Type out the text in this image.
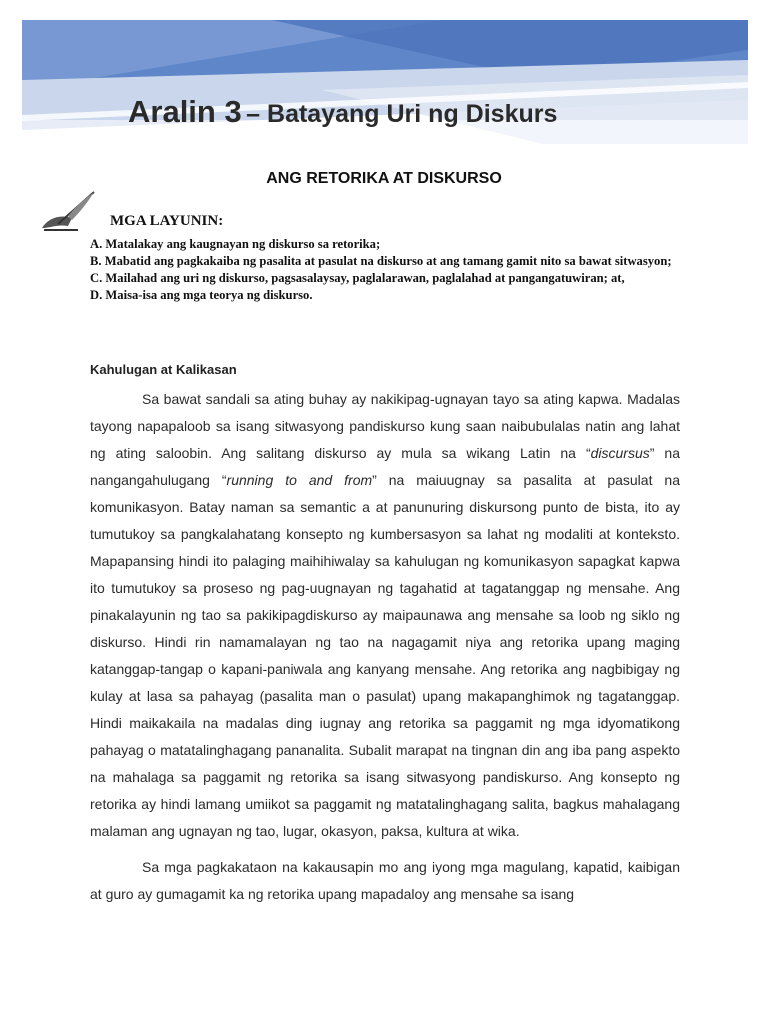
Aralin 3 – Batayang Uri ng Diskurs
ANG RETORIKA AT DISKURSO
MGA LAYUNIN:
A. Matalakay ang kaugnayan ng diskurso sa retorika;
B. Mabatid ang pagkakaiba ng pasalita at pasulat na diskurso at ang tamang gamit nito sa bawat sitwasyon;
C. Mailahad ang uri ng diskurso, pagsasalaysay, paglalarawan, paglalahad at pangangatuwiran; at,
D. Maisa-isa ang mga teorya ng diskurso.
Kahulugan at Kalikasan

Sa bawat sandali sa ating buhay ay nakikipag-ugnayan tayo sa ating kapwa. Madalas tayong napapaloob sa isang sitwasyong pandiskurso kung saan naibubulalas natin ang lahat ng ating saloobin. Ang salitang diskurso ay mula sa wikang Latin na “discursus” na nangangahulugang “running to and from” na maiuugnay sa pasalita at pasulat na komunikasyon. Batay naman sa semantic a at panunuring diskursong punto de bista, ito ay tumutukoy sa pangkalahatang konsepto ng kumbersasyon sa lahat ng modaliti at konteksto. Mapapansing hindi ito palaging maihihiwalay sa kahulugan ng komunikasyon sapagkat kapwa ito tumutukoy sa proseso ng pag-uugnayan ng tagahatid at tagatanggap ng mensahe. Ang pinakalayunin ng tao sa pakikipagdiskurso ay maipaunawa ang mensahe sa loob ng siklo ng diskurso. Hindi rin namamalayan ng tao na nagagamit niya ang retorika upang maging katanggap-tangap o kapani-paniwala ang kanyang mensahe. Ang retorika ang nagbibigay ng kulay at lasa sa pahayag (pasalita man o pasulat) upang makapanghimok ng tagatanggap. Hindi maikakaila na madalas ding iugnay ang retorika sa paggamit ng mga idyomatikong pahayag o matatalinghagang pananalita. Subalit marapat na tingnan din ang iba pang aspekto na mahalaga sa paggamit ng retorika sa isang sitwasyong pandiskurso. Ang konsepto ng retorika ay hindi lamang umiikot sa paggamit ng matatalinghagang salita, bagkus mahalagang malaman ang ugnayan ng tao, lugar, okasyon, paksa, kultura at wika.

Sa mga pagkakataon na kakausapin mo ang iyong mga magulang, kapatid, kaibigan at guro ay gumagamit ka ng retorika upang mapadaloy ang mensahe sa isang
